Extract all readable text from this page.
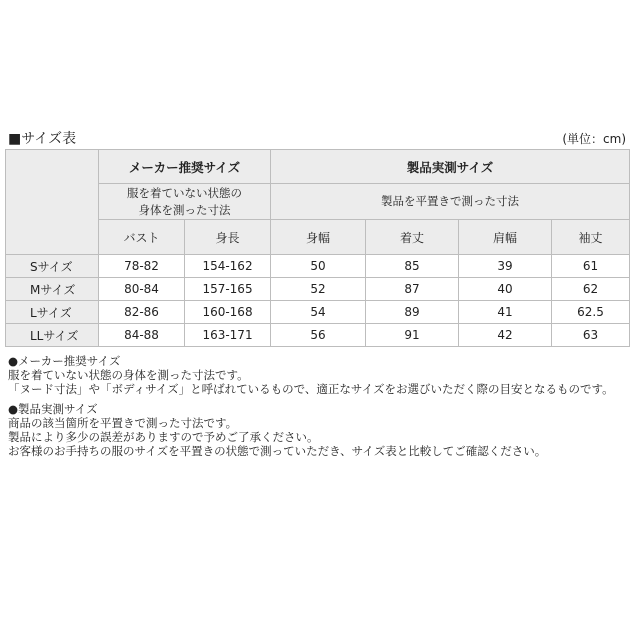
■サイズ表	(単位：cm)
	メーカー推奨サイズ		製品実測サイズ			
	服を着ていない状態の
身体を測った寸法		製品を平置きで測った寸法			
	バスト	身長	身幅	着丈	肩幅	袖丈
Sサイズ	78-82	154-162	50	85	39	61
Mサイズ	80-84	157-165	52	87	40	62
Lサイズ	82-86	160-168	54	89	41	62.5
LLサイズ	84-88	163-171	56	91	42	63
●メーカー推奨サイズ
服を着ていない状態の身体を測った寸法です。
「ヌード寸法」や「ボディサイズ」と呼ばれているもので、適正なサイズをお選びいただく際の目安となるものです。
●製品実測サイズ
商品の該当箇所を平置きで測った寸法です。
製品により多少の誤差がありますので予めご了承ください。
お客様のお手持ちの服のサイズを平置きの状態で測っていただき、サイズ表と比較してご確認ください。
